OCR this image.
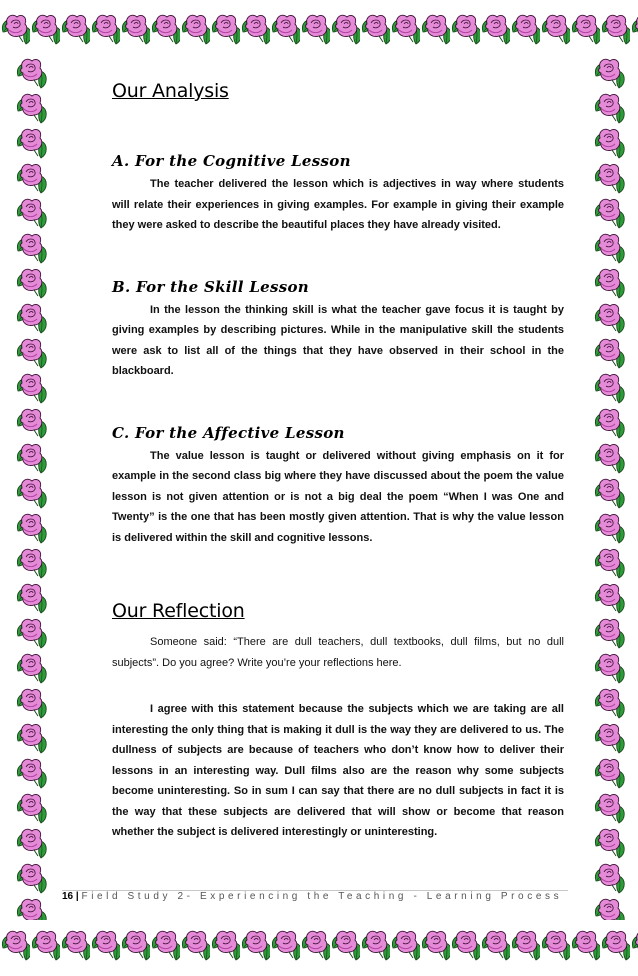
Our Analysis
A. For the Cognitive Lesson

The teacher delivered the lesson which is adjectives in way where students will relate their experiences in giving examples. For example in giving their example they were asked to describe the beautiful places they have already visited.

B. For the Skill Lesson

In the lesson the thinking skill is what the teacher gave focus it is taught by giving examples by describing pictures. While in the manipulative skill the students were ask to list all of the things that they have observed in their school in the blackboard.

C. For the Affective Lesson

The value lesson is taught or delivered without giving emphasis on it for example in the second class big where they have discussed about the poem the value lesson is not given attention or is not a big deal the poem “When I was One and Twenty” is the one that has been mostly given attention. That is why the value lesson is delivered within the skill and cognitive lessons.

Our Reflection

Someone said: “There are dull teachers, dull textbooks, dull films, but no dull subjects”. Do you agree? Write you’re your reflections here.

I agree with this statement because the subjects which we are taking are all interesting the only thing that is making it dull is the way they are delivered to us. The dullness of subjects are because of teachers who don’t know how to deliver their lessons in an interesting way. Dull films also are the reason why some subjects become uninteresting. So in sum I can say that there are no dull subjects in fact it is the way that these subjects are delivered that will show or become that reason whether the subject is delivered interestingly or uninteresting.

16 | Field Study 2- Experiencing the Teaching - Learning Process
